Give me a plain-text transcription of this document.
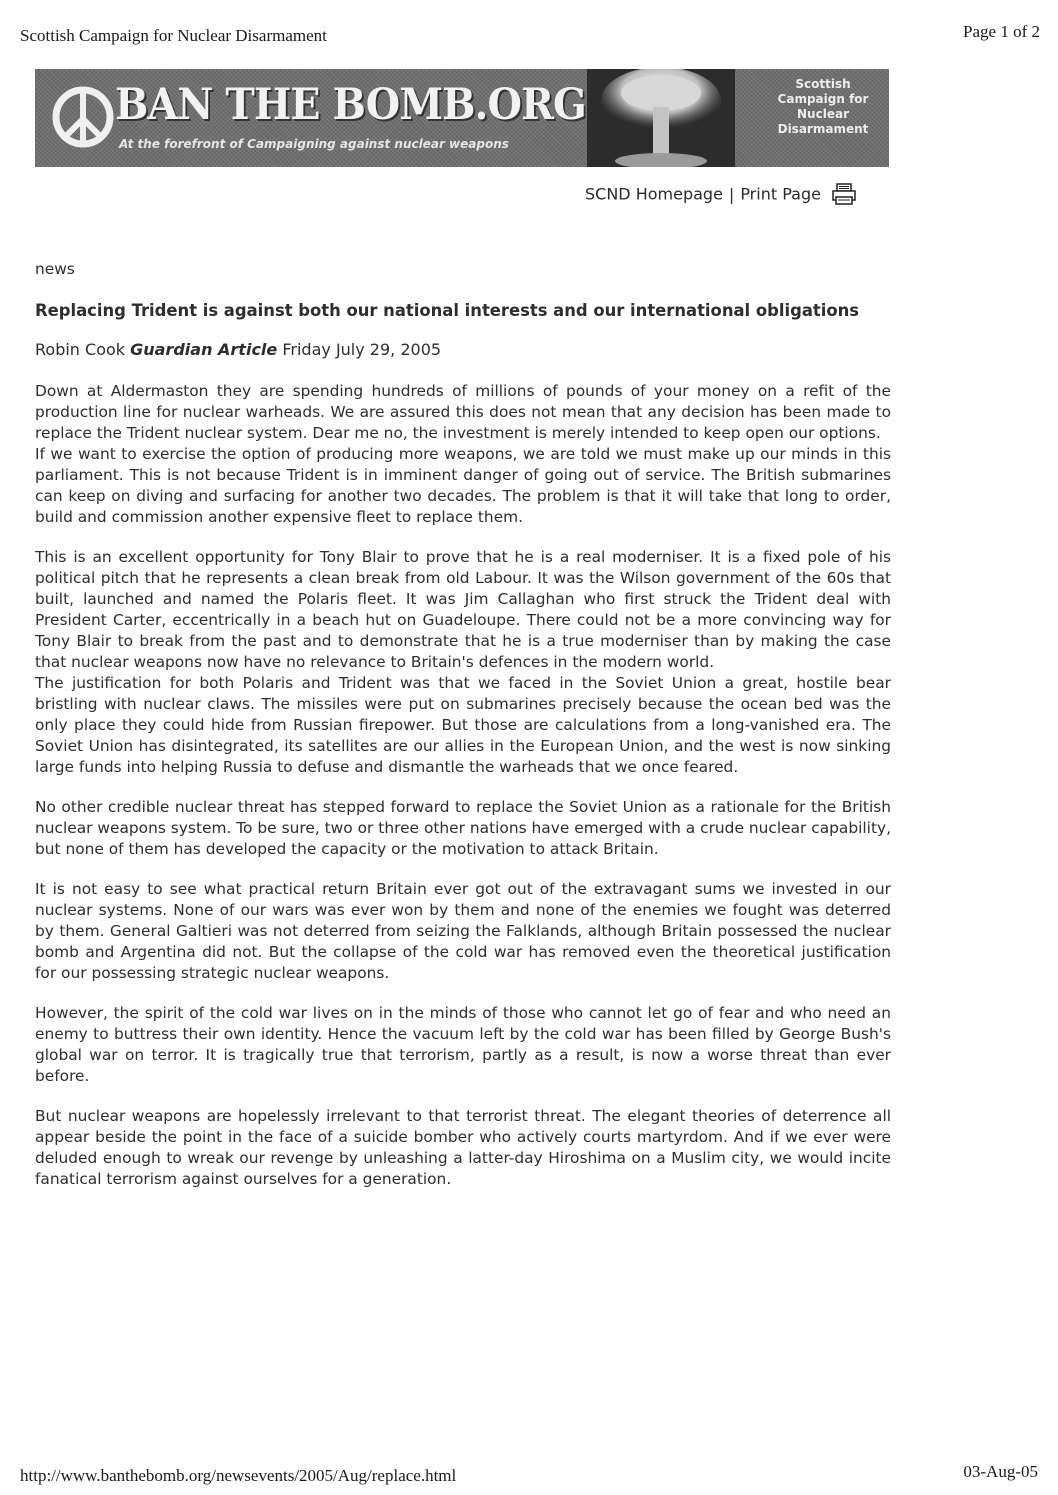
Scottish Campaign for Nuclear Disarmament	Page 1 of 2
BAN THE BOMB.ORG
At the forefront of Campaigning against nuclear weapons
Scottish Campaign for Nuclear Disarmament
SCND Homepage | Print Page
news
Replacing Trident is against both our national interests and our international obligations
Robin Cook Guardian Article Friday July 29, 2005

Down at Aldermaston they are spending hundreds of millions of pounds of your money on a refit of the production line for nuclear warheads. We are assured this does not mean that any decision has been made to replace the Trident nuclear system. Dear me no, the investment is merely intended to keep open our options.

If we want to exercise the option of producing more weapons, we are told we must make up our minds in this parliament. This is not because Trident is in imminent danger of going out of service. The British submarines can keep on diving and surfacing for another two decades. The problem is that it will take that long to order, build and commission another expensive fleet to replace them.

This is an excellent opportunity for Tony Blair to prove that he is a real moderniser. It is a fixed pole of his political pitch that he represents a clean break from old Labour. It was the Wilson government of the 60s that built, launched and named the Polaris fleet. It was Jim Callaghan who first struck the Trident deal with President Carter, eccentrically in a beach hut on Guadeloupe. There could not be a more convincing way for Tony Blair to break from the past and to demonstrate that he is a true moderniser than by making the case that nuclear weapons now have no relevance to Britain's defences in the modern world.

The justification for both Polaris and Trident was that we faced in the Soviet Union a great, hostile bear bristling with nuclear claws. The missiles were put on submarines precisely because the ocean bed was the only place they could hide from Russian firepower. But those are calculations from a long-vanished era. The Soviet Union has disintegrated, its satellites are our allies in the European Union, and the west is now sinking large funds into helping Russia to defuse and dismantle the warheads that we once feared.

No other credible nuclear threat has stepped forward to replace the Soviet Union as a rationale for the British nuclear weapons system. To be sure, two or three other nations have emerged with a crude nuclear capability, but none of them has developed the capacity or the motivation to attack Britain.

It is not easy to see what practical return Britain ever got out of the extravagant sums we invested in our nuclear systems. None of our wars was ever won by them and none of the enemies we fought was deterred by them. General Galtieri was not deterred from seizing the Falklands, although Britain possessed the nuclear bomb and Argentina did not. But the collapse of the cold war has removed even the theoretical justification for our possessing strategic nuclear weapons.

However, the spirit of the cold war lives on in the minds of those who cannot let go of fear and who need an enemy to buttress their own identity. Hence the vacuum left by the cold war has been filled by George Bush's global war on terror. It is tragically true that terrorism, partly as a result, is now a worse threat than ever before.

But nuclear weapons are hopelessly irrelevant to that terrorist threat. The elegant theories of deterrence all appear beside the point in the face of a suicide bomber who actively courts martyrdom. And if we ever were deluded enough to wreak our revenge by unleashing a latter-day Hiroshima on a Muslim city, we would incite fanatical terrorism against ourselves for a generation.

http://www.banthebomb.org/newsevents/2005/Aug/replace.html	03-Aug-05
